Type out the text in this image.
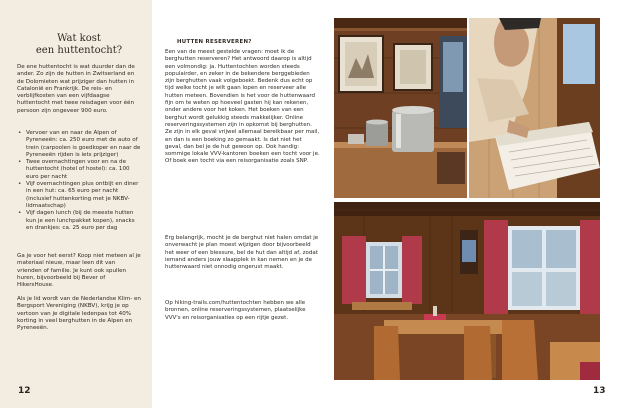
Wat kost
een huttentocht?
De ene huttentocht is wat duurder dan de ander. Zo zijn de hutten in Zwitserland en de Dolomieten wat prijziger dan hutten in Catalonië en Frankrijk. De reis- en verblijfkosten van een vijfdaagse huttentocht met twee reisdagen voor één persoon zijn ongeveer 900 euro.
• Vervoer van en naar de Alpen of Pyreneeën: ca. 250 euro met de auto of trein (carpoolen is goedkoper en naar de Pyreneeën rijden is iets prijziger)
• Twee overnachtingen voor en na de huttentocht (hotel of hostel): ca. 100 euro per nacht
• Vijf overnachtingen plus ontbijt en diner in een hut: ca. 65 euro per nacht (inclusief huttenkorting met je NKBV-lidmaatschap)
• Vijf dagen lunch (bij de meeste hutten kun je een lunchpakket kopen), snacks en drankjes: ca. 25 euro per dag
Ga je voor het eerst? Koop niet meteen al je materiaal nieuw, maar leen dit van vrienden of familie. Je kunt ook spullen huren, bijvoorbeeld bij Bever of HikersHouse.
Als je lid wordt van de Nederlandse Klim- en Bergsport Vereniging (NKBV), krijg je op vertoon van je digitale ledenpas tot 40% korting in veel berghutten in de Alpen en Pyreneeën.
12
HUTTEN RESERVEREN?
Een van de meest gestelde vragen: moet ik de berghutten reserveren? Het antwoord daarop is altijd een volmondig: ja. Huttentochten worden steeds populairder, en zeker in de bekendere berggebieden zijn berghutten vaak volgeboekt. Bedenk dus echt op tijd welke tocht je wilt gaan lopen en reserveer alle hutten meteen. Bovendien is het voor de huttenwaard fijn om te weten op hoeveel gasten hij kan rekenen, onder andere voor het koken. Het boeken van een berghut wordt gelukkig steeds makkelijker. Online reserveringssystemen zijn in opkomst bij berghutten. Ze zijn in elk geval vrijwel allemaal bereikbaar per mail, en dan is een boeking zo gemaakt. Is dat niet het geval, dan bel je de hut gewoon op. Ook handig: sommige lokale VVV-kantoren boeken een tocht voor je. Of boek een tocht via een reisorganisatie zoals SNP.
Erg belangrijk, mocht je de berghut niet halen omdat je onverwacht je plan moest wijzigen door bijvoorbeeld het weer of een blessure, bel de hut dan altijd af, zodat iemand anders jouw slaapplek in kan nemen en je de huttenwaard niet onnodig ongerust maakt.
Op hiking-trails.com/huttentochten hebben we alle bronnen, online reserveringssystemen, plaatselijke VVV's en reisorganisaties op een rijtje gezet.
13
